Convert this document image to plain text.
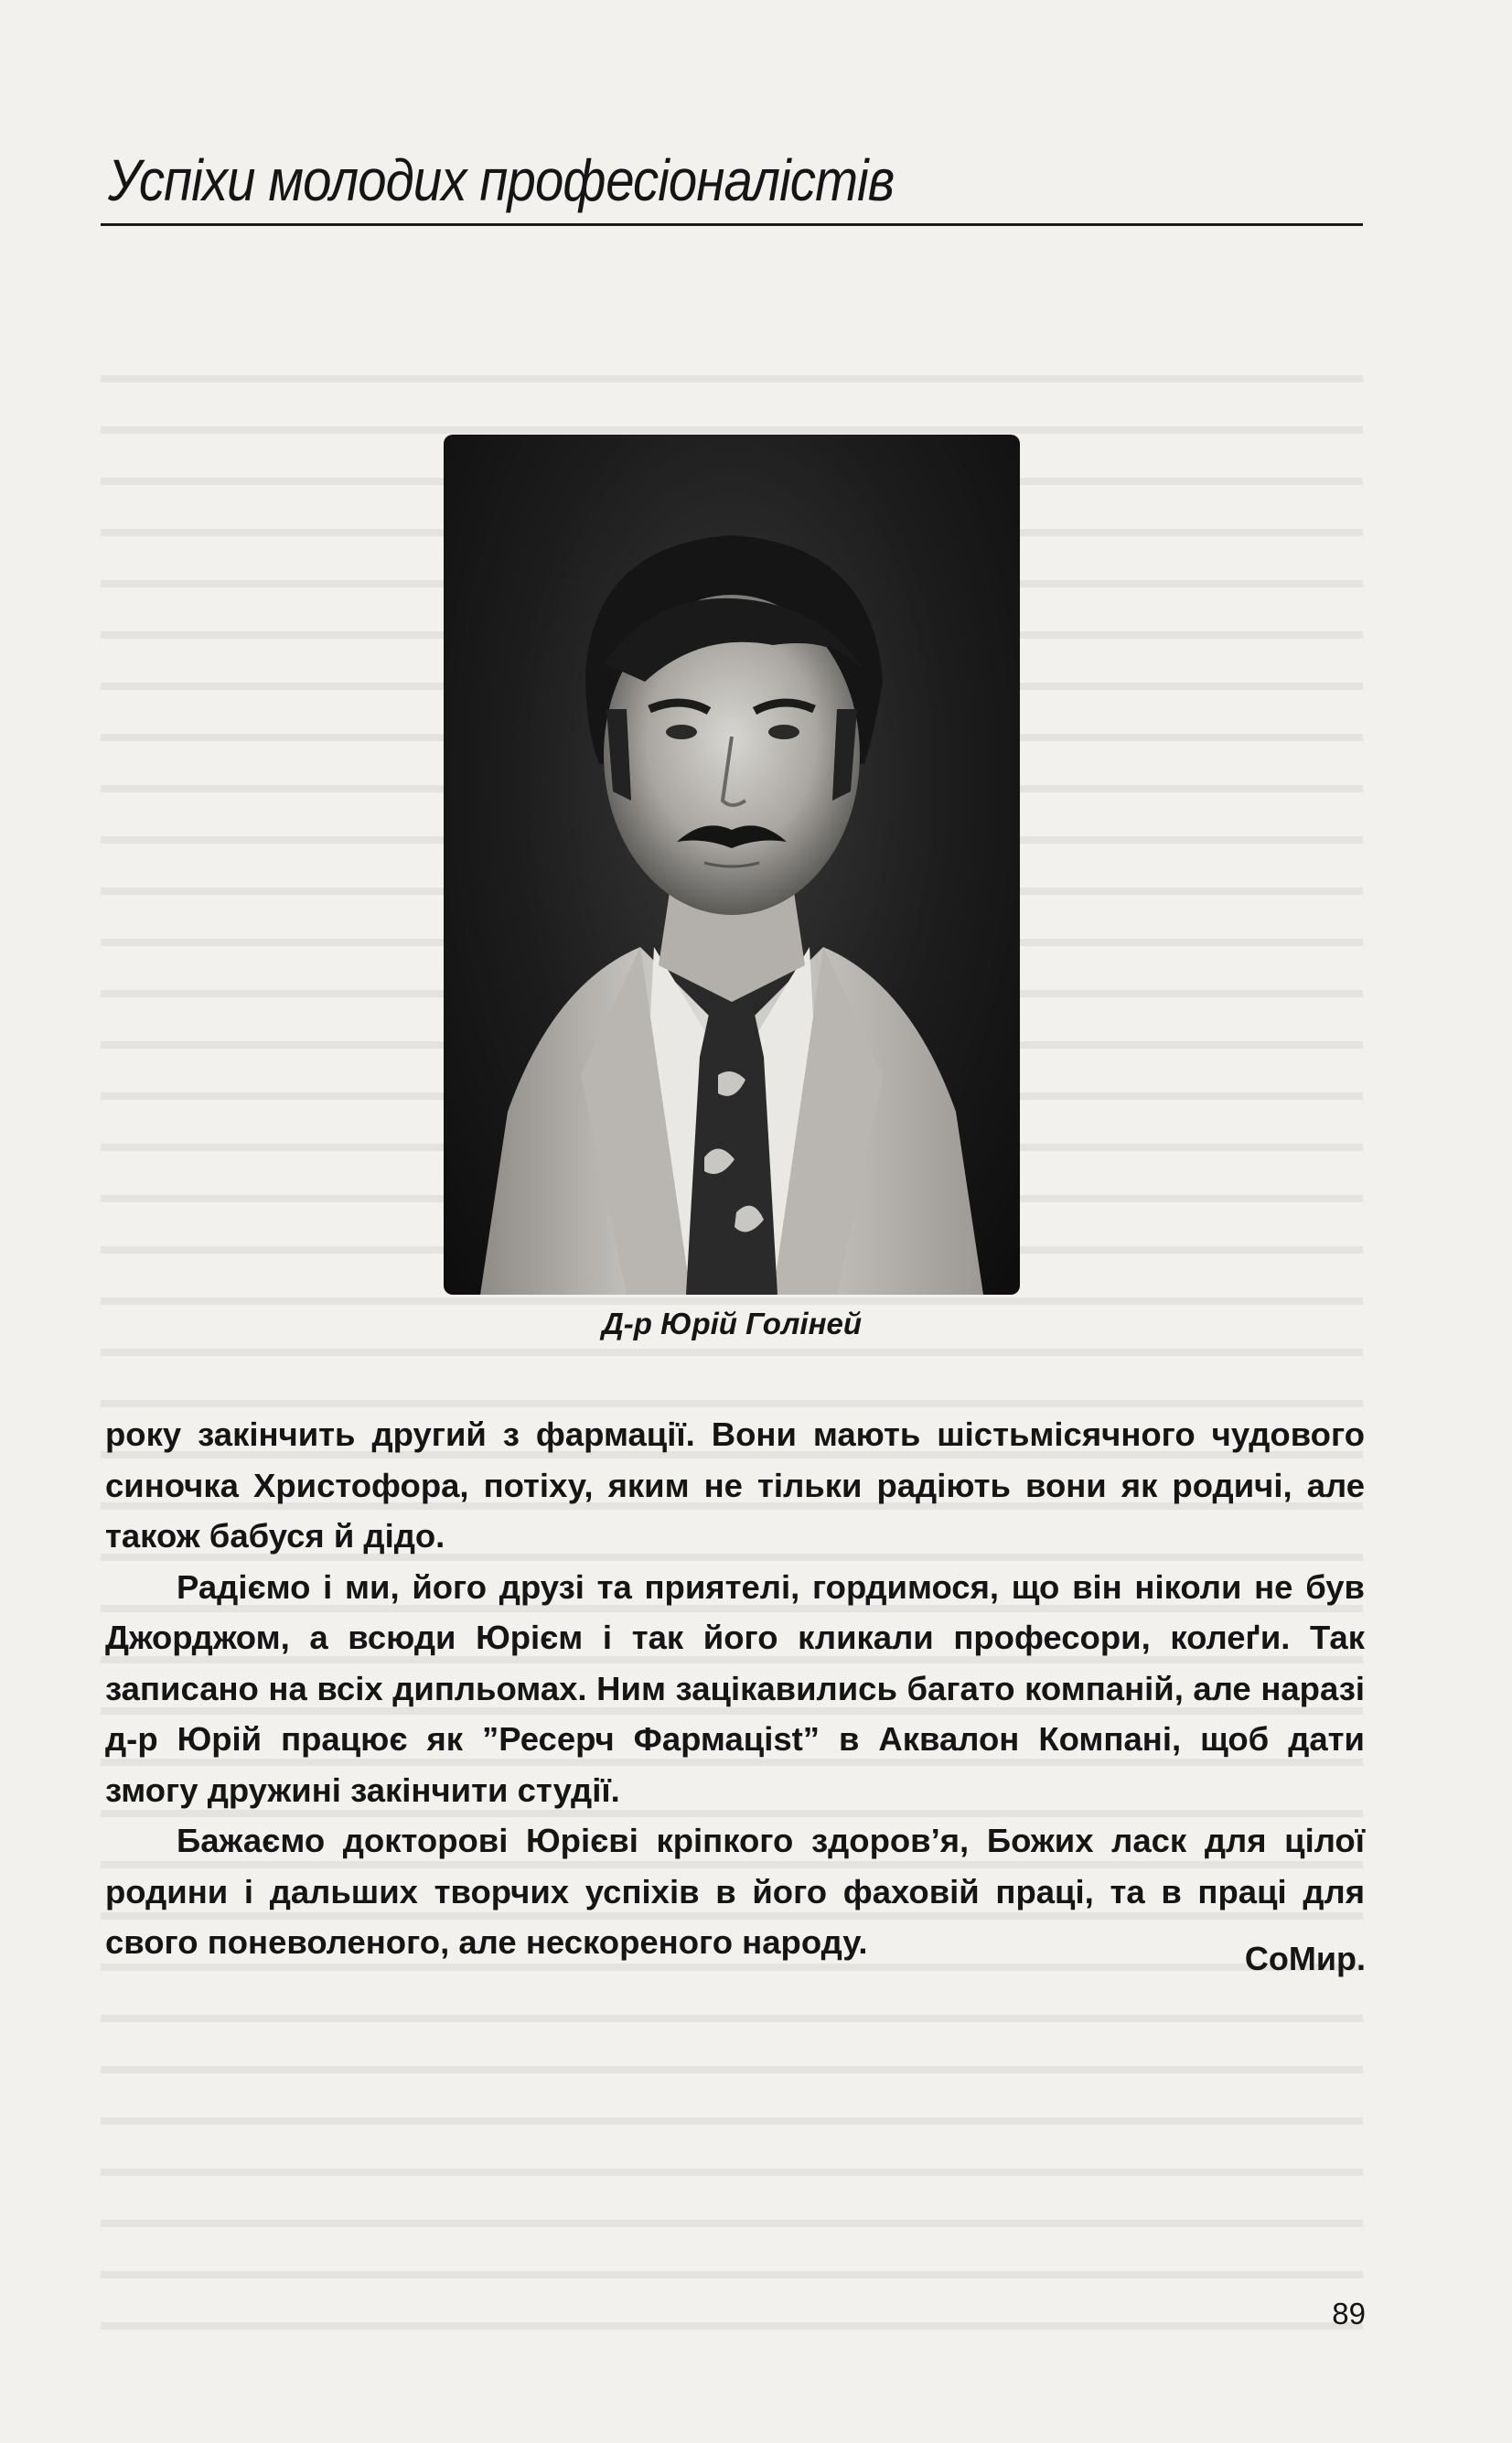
Успіхи молодих професіоналістів
Д-р Юрій Голіней

року закінчить другий з фармації. Вони мають шістьмісячного чудового синочка Христофора, потіху, яким не тільки радіють вони як родичі, але також бабуся й дідо.

Радіємо і ми, його друзі та приятелі, гордимося, що він ніколи не був Джорджом, а всюди Юрієм і так його кликали професори, колеґи. Так записано на всіх дипльомах. Ним зацікавились багато компаній, але наразі д-р Юрій працює як ”Ресерч Фармацist” в Аквалон Компані, щоб дати змогу дружині закінчити студії.

Бажаємо докторові Юрієві кріпкого здоров’я, Божих ласк для цілої родини і дальших творчих успіхів в його фаховій праці, та в праці для свого поневоленого, але нескореного народу.	СоМир.
89
